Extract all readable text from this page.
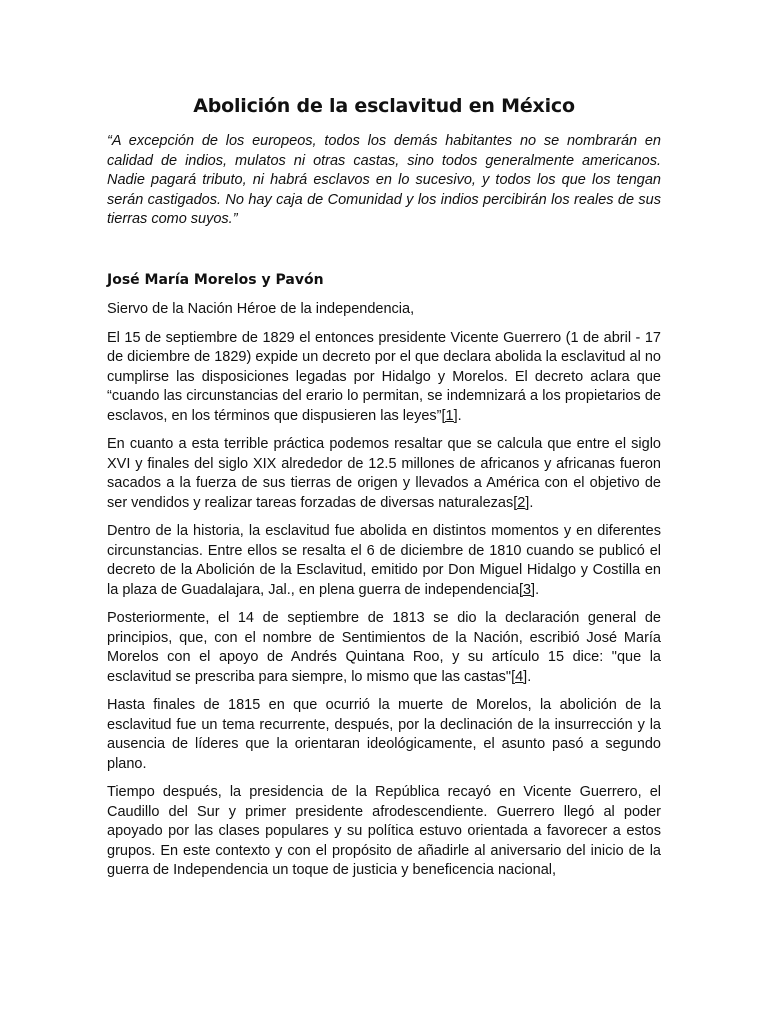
Abolición de la esclavitud en México

“A excepción de los europeos, todos los demás habitantes no se nombrarán en calidad de indios, mulatos ni otras castas, sino todos generalmente americanos. Nadie pagará tributo, ni habrá esclavos en lo sucesivo, y todos los que los tengan serán castigados. No hay caja de Comunidad y los indios percibirán los reales de sus tierras como suyos.”

José María Morelos y Pavón

Siervo de la Nación Héroe de la independencia,

El 15 de septiembre de 1829 el entonces presidente Vicente Guerrero (1 de abril - 17 de diciembre de 1829) expide un decreto por el que declara abolida la esclavitud al no cumplirse las disposiciones legadas por Hidalgo y Morelos. El decreto aclara que “cuando las circunstancias del erario lo permitan, se indemnizará a los propietarios de esclavos, en los términos que dispusieren las leyes”[1].

En cuanto a esta terrible práctica podemos resaltar que se calcula que entre el siglo XVI y finales del siglo XIX alrededor de 12.5 millones de africanos y africanas fueron sacados a la fuerza de sus tierras de origen y llevados a América con el objetivo de ser vendidos y realizar tareas forzadas de diversas naturalezas[2].

Dentro de la historia, la esclavitud fue abolida en distintos momentos y en diferentes circunstancias. Entre ellos se resalta el 6 de diciembre de 1810 cuando se publicó el decreto de la Abolición de la Esclavitud, emitido por Don Miguel Hidalgo y Costilla en la plaza de Guadalajara, Jal., en plena guerra de independencia[3].

Posteriormente, el 14 de septiembre de 1813 se dio la declaración general de principios, que, con el nombre de Sentimientos de la Nación, escribió José María Morelos con el apoyo de Andrés Quintana Roo, y su artículo 15 dice: "que la esclavitud se prescriba para siempre, lo mismo que las castas"[4].

Hasta finales de 1815 en que ocurrió la muerte de Morelos, la abolición de la esclavitud fue un tema recurrente, después, por la declinación de la insurrección y la ausencia de líderes que la orientaran ideológicamente, el asunto pasó a segundo plano.

Tiempo después, la presidencia de la República recayó en Vicente Guerrero, el Caudillo del Sur y primer presidente afrodescendiente. Guerrero llegó al poder apoyado por las clases populares y su política estuvo orientada a favorecer a estos grupos. En este contexto y con el propósito de añadirle al aniversario del inicio de la guerra de Independencia un toque de justicia y beneficencia nacional,
